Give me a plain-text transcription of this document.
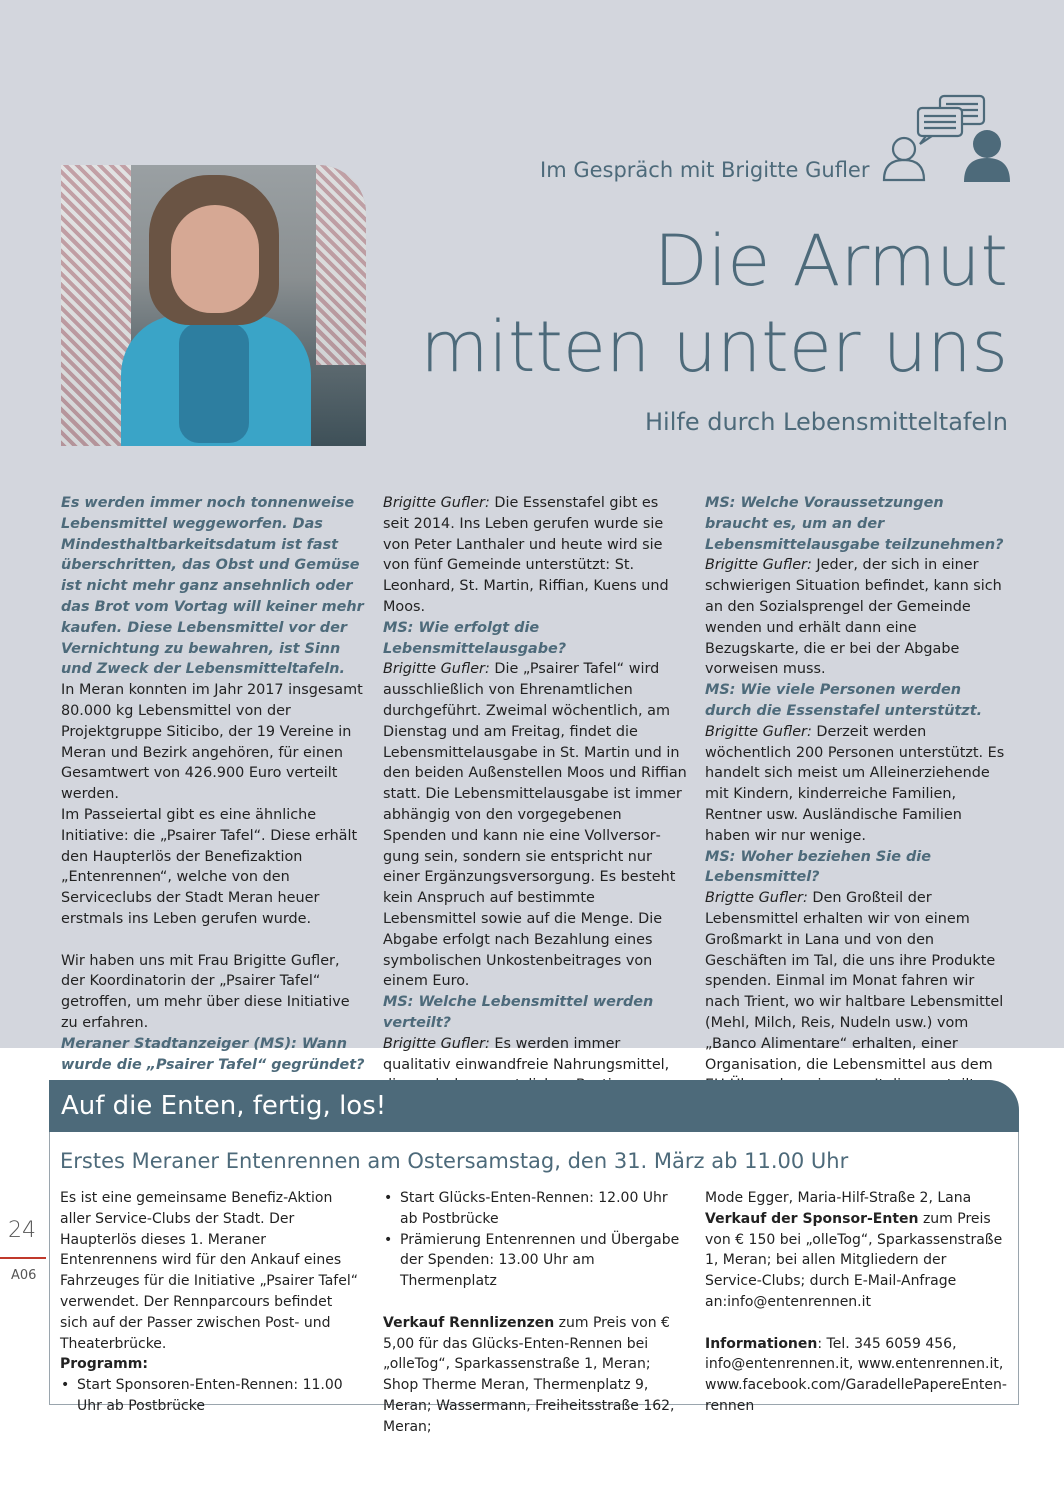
Im Gespräch mit Brigitte Gufler
Die Armut
mitten unter uns
Hilfe durch Lebensmitteltafeln
Es werden immer noch tonnenweise Lebensmittel weggeworfen. Das Mindesthaltbarkeitsdatum ist fast überschritten, das Obst und Gemüse ist nicht mehr ganz ansehnlich oder das Brot vom Vortag will keiner mehr kaufen. Diese Lebensmittel vor der Vernichtung zu bewahren, ist Sinn und Zweck der Lebensmitteltafeln.
In Meran konnten im Jahr 2017 insgesamt 80.000 kg Lebensmittel von der Projektgruppe Siticibo, der 19 Vereine in Meran und Bezirk angehören, für einen Gesamtwert von 426.900 Euro verteilt werden.
Im Passeiertal gibt es eine ähnliche Initiative: die „Psairer Tafel“. Diese erhält den Haupterlös der Benefizaktion „Entenrennen“, welche von den Serviceclubs der Stadt Meran heuer erstmals ins Leben gerufen wurde.
Wir haben uns mit Frau Brigitte Gufler, der Koordinatorin der „Psairer Tafel“ getroffen, um mehr über diese Initiative zu erfahren.
Meraner Stadtanzeiger (MS): Wann wurde die „Psairer Tafel“ gegründet?
Brigitte Gufler: Die Essenstafel gibt es seit 2014. Ins Leben gerufen wurde sie von Peter Lanthaler und heute wird sie von fünf Gemeinde unterstützt: St. Leonhard, St. Martin, Riffian, Kuens und Moos.
MS: Wie erfolgt die Lebensmittelausgabe?
Brigitte Gufler: Die „Psairer Tafel“ wird ausschließlich von Ehrenamtlichen durchgeführt. Zweimal wöchentlich, am Dienstag und am Freitag, findet die Lebensmittelausgabe in St. Martin und in den beiden Außenstellen Moos und Riffian statt. Die Lebensmittelausgabe ist immer abhängig von den vorgegebenen Spenden und kann nie eine Vollversorgung sein, sondern sie entspricht nur einer Ergänzungsversorgung. Es besteht kein Anspruch auf bestimmte Lebensmittel sowie auf die Menge. Die Abgabe erfolgt nach Bezahlung eines symbolischen Unkostenbeitrages von einem Euro.
MS: Welche Lebensmittel werden verteilt?
Brigitte Gufler: Es werden immer qualitativ einwandfreie Nahrungsmittel,
MS: Welche Voraussetzungen braucht es, um an der Lebensmittelausgabe teilzunehmen?
Brigitte Gufler: Jeder, der sich in einer schwierigen Situation befindet, kann sich an den Sozialsprengel der Gemeinde wenden und erhält dann eine Bezugskarte, die er bei der Abgabe vorweisen muss.
MS: Wie viele Personen werden durch die Essenstafel unterstützt.
Brigitte Gufler: Derzeit werden wöchentlich 200 Personen unterstützt. Es handelt sich meist um Alleinerziehende mit Kindern, kinderreiche Familien, Rentner usw. Ausländische Familien haben wir nur wenige.
MS: Woher beziehen Sie die Lebensmittel?
Brigtte Gufler: Den Großteil der Lebensmittel erhalten wir von einem Großmarkt in Lana und von den Geschäften im Tal, die uns ihre Produkte spenden. Einmal im Monat fahren wir nach Trient, wo wir haltbare Lebensmittel (Mehl, Milch, Reis, Nudeln usw.) vom „Banco Alimentare“ erhalten, einer Organisation, die Lebensmittel aus dem
Auf die Enten, fertig, los!
Erstes Meraner Entenrennen am Ostersamstag, den 31. März ab 11.00 Uhr
Es ist eine gemeinsame Benefiz-Aktion aller Service-Clubs der Stadt. Der Haupterlös dieses 1. Meraner Entenrennens wird für den Ankauf eines Fahrzeuges für die Initiative „Psairer Tafel“ verwendet. Der Rennparcours befindet sich auf der Passer zwischen Post- und Theaterbrücke.
Programm:
• Start Sponsoren-Enten-Rennen: 11.00 Uhr ab Postbrücke
• Start Glücks-Enten-Rennen: 12.00 Uhr ab Postbrücke
• Prämierung Entenrennen und Übergabe der Spenden: 13.00 Uhr am Thermenplatz
Verkauf Rennlizenzen zum Preis von € 5,00 für das Glücks-Enten-Rennen bei „olleTog“, Sparkassenstraße 1, Meran; Shop Therme Meran, Thermenplatz 9, Meran; Wassermann, Freiheitsstraße 162, Meran;
Mode Egger, Maria-Hilf-Straße 2, Lana
Verkauf der Sponsor-Enten zum Preis von € 150 bei „olleTog“, Sparkassenstraße 1, Meran; bei allen Mitgliedern der Service-Clubs; durch E-Mail-Anfrage an:info@entenrennen.it
Informationen: Tel. 345 6059 456, info@entenrennen.it, www.entenrennen.it, www.facebook.com/GaradellePapereEntenrennen
24
A06
